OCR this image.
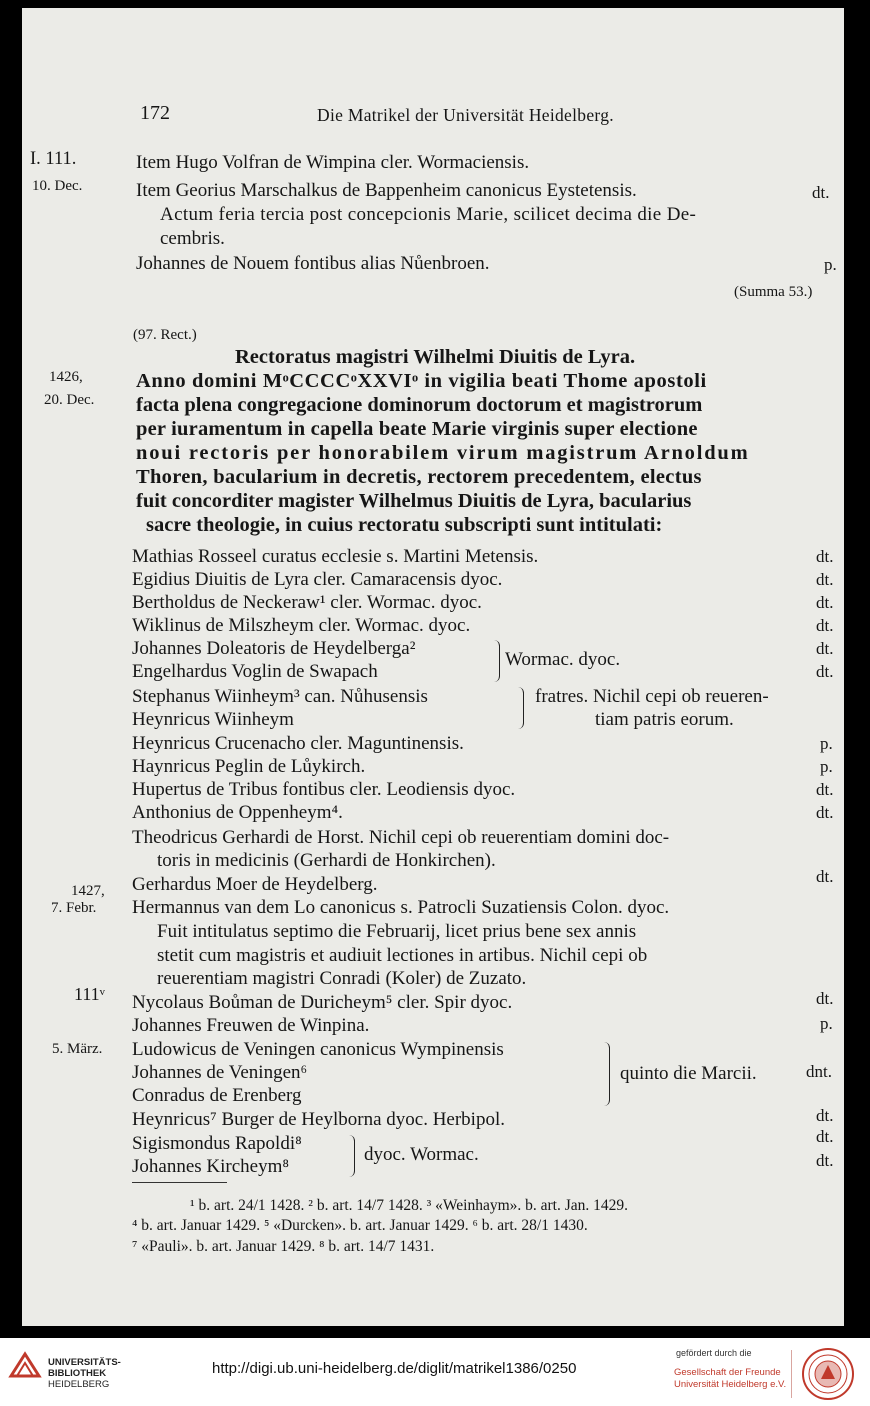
172	Die Matrikel der Universität Heidelberg.
I. 111.
10. Dec.
1426,
20. Dec.
1427,
7. Febr.
111ᵛ
5. März.
Item Hugo Volfran de Wimpina cler. Wormaciensis.
Item Georius Marschalkus de Bappenheim canonicus Eystetensis.
Actum feria tercia post concepcionis Marie, scilicet decima die De-
cembris.
Johannes de Nouem fontibus alias Nůenbroen.
dt.
p.
(Summa 53.)
(97. Rect.)
Rectoratus magistri Wilhelmi Diuitis de Lyra.
Anno domini MᵒCCCCᵒXXVIᵒ in vigilia beati Thome apostoli
facta plena congregacione dominorum doctorum et magistrorum
per iuramentum in capella beate Marie virginis super electione
noui rectoris per honorabilem virum magistrum Arnoldum
Thoren, bacularium in decretis, rectorem precedentem, electus
fuit concorditer magister Wilhelmus Diuitis de Lyra, bacularius
sacre theologie, in cuius rectoratu subscripti sunt intitulati:
Mathias Rosseel curatus ecclesie s. Martini Metensis.
Egidius Diuitis de Lyra cler. Camaracensis dyoc.
Bertholdus de Neckeraw¹ cler. Wormac. dyoc.
Wiklinus de Milszheym cler. Wormac. dyoc.
Johannes Doleatoris de Heydelberga²
Engelhardus Voglin de Swapach
Wormac. dyoc.
Stephanus Wiinheym³ can. Nůhusensis
Heynricus Wiinheym
fratres. Nichil cepi ob reueren-
tiam patris eorum.
Heynricus Crucenacho cler. Maguntinensis.
Haynricus Peglin de Lůykirch.
Hupertus de Tribus fontibus cler. Leodiensis dyoc.
Anthonius de Oppenheym⁴.
Theodricus Gerhardi de Horst. Nichil cepi ob reuerentiam domini doc-
toris in medicinis (Gerhardi de Honkirchen).
Gerhardus Moer de Heydelberg.
Hermannus van dem Lo canonicus s. Patrocli Suzatiensis Colon. dyoc.
Fuit intitulatus septimo die Februarij, licet prius bene sex annis
stetit cum magistris et audiuit lectiones in artibus. Nichil cepi ob
reuerentiam magistri Conradi (Koler) de Zuzato.
Nycolaus Boůman de Duricheym⁵ cler. Spir dyoc.
Johannes Freuwen de Winpina.
Ludowicus de Veningen canonicus Wympinensis
Johannes de Veningen⁶
Conradus de Erenberg
quinto die Marcii.
Heynricus⁷ Burger de Heylborna dyoc. Herbipol.
Sigismondus Rapoldi⁸
Johannes Kircheym⁸
dyoc. Wormac.
dt.
dt.
dt.
dt.
dt.
dt.
p.
p.
dt.
dt.
dt.
dt.
p.
dnt.
dt.
dt.
dt.
¹ b. art. 24/1 1428. ² b. art. 14/7 1428. ³ «Weinhaym». b. art. Jan. 1429.
⁴ b. art. Januar 1429. ⁵ «Durcken». b. art. Januar 1429. ⁶ b. art. 28/1 1430.
⁷ «Pauli». b. art. Januar 1429. ⁸ b. art. 14/7 1431.
UNIVERSITÄTS-
BIBLIOTHEK
HEIDELBERG
http://digi.ub.uni-heidelberg.de/diglit/matrikel1386/0250
gefördert durch die
Gesellschaft der Freunde
Universität Heidelberg e.V.
